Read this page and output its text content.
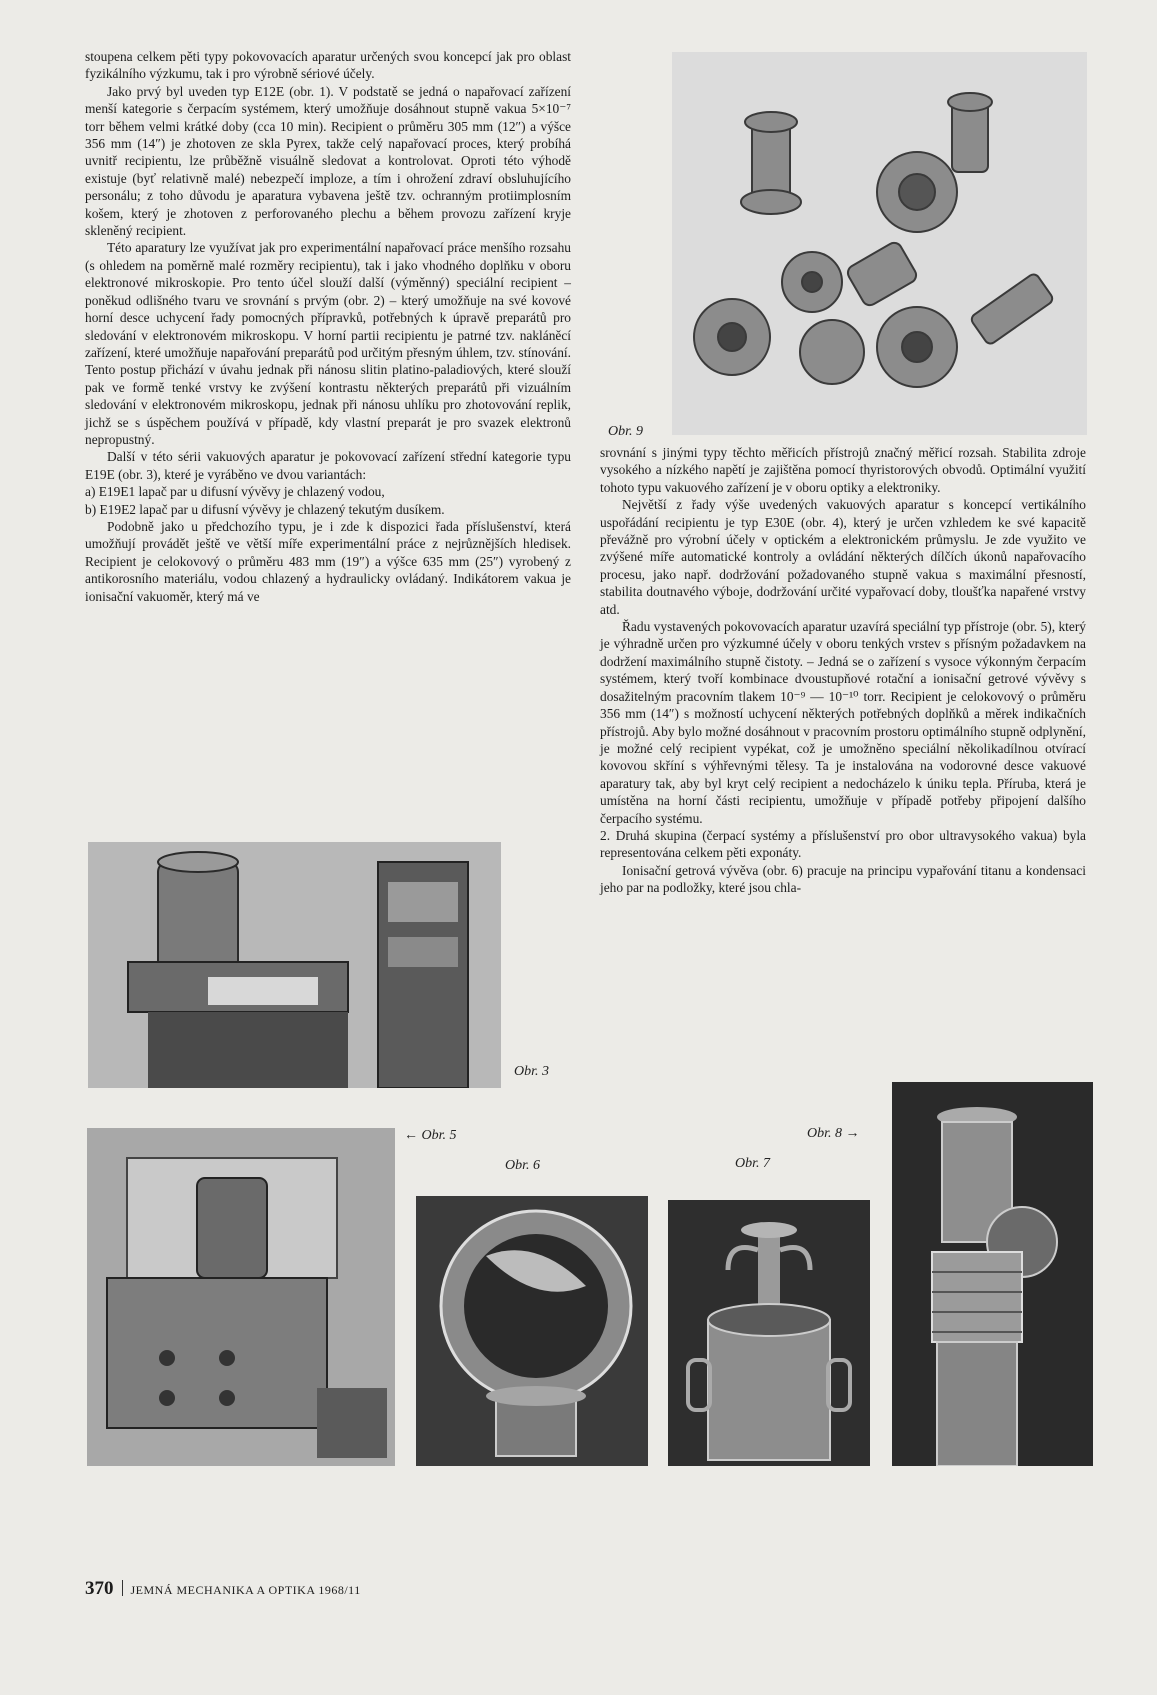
stoupena celkem pěti typy pokovovacích aparatur určených svou koncepcí jak pro oblast fyzikálního výzkumu, tak i pro výrobně sériové účely.

Jako prvý byl uveden typ E12E (obr. 1). V podstatě se jedná o napařovací zařízení menší kategorie s čerpacím systémem, který umožňuje dosáhnout stupně vakua 5×10⁻⁷ torr během velmi krátké doby (cca 10 min). Recipient o průměru 305 mm (12″) a výšce 356 mm (14″) je zhotoven ze skla Pyrex, takže celý napařovací proces, který probíhá uvnitř recipientu, lze průběžně visuálně sledovat a kontrolovat. Oproti této výhodě existuje (byť relativně malé) nebezpečí imploze, a tím i ohrožení zdraví obsluhujícího personálu; z toho důvodu je aparatura vybavena ještě tzv. ochranným protiimplosním košem, který je zhotoven z perforovaného plechu a během provozu zařízení kryje skleněný recipient.

Této aparatury lze využívat jak pro experimentální napařovací práce menšího rozsahu (s ohledem na poměrně malé rozměry recipientu), tak i jako vhodného doplňku v oboru elektronové mikroskopie. Pro tento účel slouží další (výměnný) speciální recipient – poněkud odlišného tvaru ve srovnání s prvým (obr. 2) – který umožňuje na své kovové horní desce uchycení řady pomocných přípravků, potřebných k úpravě preparátů pro sledování v elektronovém mikroskopu. V horní partii recipientu je patrné tzv. nakláněcí zařízení, které umožňuje napařování preparátů pod určitým přesným úhlem, tzv. stínování. Tento postup přichází v úvahu jednak při nánosu slitin platino-paladiových, které slouží pak ve formě tenké vrstvy ke zvýšení kontrastu některých preparátů při vizuálním sledování v elektronovém mikroskopu, jednak při nánosu uhlíku pro zhotovování replik, jichž se s úspěchem používá v případě, kdy vlastní preparát je pro svazek elektronů nepropustný.

Další v této sérii vakuových aparatur je pokovovací zařízení střední kategorie typu E19E (obr. 3), které je vyráběno ve dvou variantách:

a) E19E1 lapač par u difusní vývěvy je chlazený vodou,

b) E19E2 lapač par u difusní vývěvy je chlazený tekutým dusíkem.

Podobně jako u předchozího typu, je i zde k dispozici řada příslušenství, která umožňují provádět ještě ve větší míře experimentální práce z nejrůznějších hledisek. Recipient je celokovový o průměru 483 mm (19″) a výšce 635 mm (25″) vyrobený z antikorosního materiálu, vodou chlazený a hydraulicky ovládaný. Indikátorem vakua je ionisační vakuoměr, který má ve

srovnání s jinými typy těchto měřicích přístrojů značný měřicí rozsah. Stabilita zdroje vysokého a nízkého napětí je zajištěna pomocí thyristorových obvodů. Optimální využití tohoto typu vakuového zařízení je v oboru optiky a elektroniky.

Největší z řady výše uvedených vakuových aparatur s koncepcí vertikálního uspořádání recipientu je typ E30E (obr. 4), který je určen vzhledem ke své kapacitě převážně pro výrobní účely v optickém a elektronickém průmyslu. Je zde využito ve zvýšené míře automatické kontroly a ovládání některých dílčích úkonů napařovacího procesu, jako např. dodržování požadovaného stupně vakua s maximální přesností, stabilita doutnavého výboje, dodržování určité vypařovací doby, tloušťka napařené vrstvy atd.

Řadu vystavených pokovovacích aparatur uzavírá speciální typ přístroje (obr. 5), který je výhradně určen pro výzkumné účely v oboru tenkých vrstev s přísným požadavkem na dodržení maximálního stupně čistoty. – Jedná se o zařízení s vysoce výkonným čerpacím systémem, který tvoří kombinace dvoustupňové rotační a ionisační getrové vývěvy s dosažitelným pracovním tlakem 10⁻⁹ — 10⁻¹⁰ torr. Recipient je celokovový o průměru 356 mm (14″) s možností uchycení některých potřebných doplňků a měrek indikačních přístrojů. Aby bylo možné dosáhnout v pracovním prostoru optimálního stupně odplynění, je možné celý recipient vypékat, což je umožněno speciální několikadílnou otvírací kovovou skříní s výhřevnými tělesy. Ta je instalována na vodorovné desce vakuové aparatury tak, aby byl kryt celý recipient a nedocházelo k úniku tepla. Příruba, která je umístěna na horní části recipientu, umožňuje v případě potřeby připojení dalšího čerpacího systému.

2. Druhá skupina (čerpací systémy a příslušenství pro obor ultravysokého vakua) byla representována celkem pěti exponáty.

Ionisační getrová vývěva (obr. 6) pracuje na principu vypařování titanu a kondensaci jeho par na podložky, které jsou chla-

Obr. 9
Obr. 3
← Obr. 5
Obr. 6	Obr. 7
Obr. 8 →
370 JEMNÁ MECHANIKA A OPTIKA 1968/11
